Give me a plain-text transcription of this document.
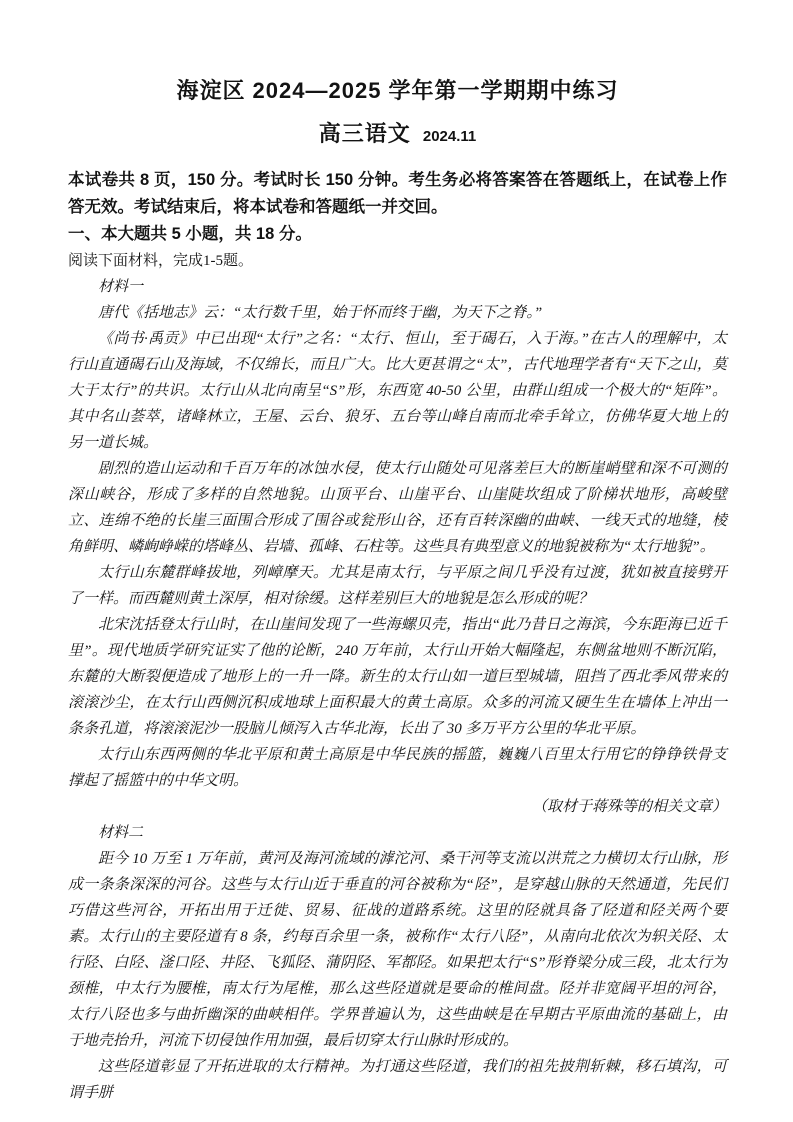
海淀区 2024—2025 学年第一学期期中练习
高三语文 2024.11

本试卷共 8 页，150 分。考试时长 150 分钟。考生务必将答案答在答题纸上，在试卷上作答无效。考试结束后，将本试卷和答题纸一并交回。

一、本大题共 5 小题，共 18 分。

阅读下面材料，完成1-5题。

材料一

唐代《括地志》云：“太行数千里，始于怀而终于幽，为天下之脊。”

《尚书·禹贡》中已出现“太行”之名：“太行、恒山，至于碣石，入于海。”在古人的理解中，太行山直通碣石山及海域，不仅绵长，而且广大。比大更甚谓之“太”，古代地理学者有“天下之山，莫大于太行”的共识。太行山从北向南呈“S”形，东西宽 40-50 公里，由群山组成一个极大的“矩阵”。其中名山荟萃，诸峰林立，王屋、云台、狼牙、五台等山峰自南而北牵手耸立，仿佛华夏大地上的另一道长城。

剧烈的造山运动和千百万年的冰蚀水侵，使太行山随处可见落差巨大的断崖峭壁和深不可测的深山峡谷，形成了多样的自然地貌。山顶平台、山崖平台、山崖陡坎组成了阶梯状地形，高峻壁立、连绵不绝的长崖三面围合形成了围谷或瓮形山谷，还有百转深幽的曲峡、一线天式的地缝，棱角鲜明、嶙峋峥嵘的塔峰丛、岩墙、孤峰、石柱等。这些具有典型意义的地貌被称为“太行地貌”。

太行山东麓群峰拔地，列嶂摩天。尤其是南太行，与平原之间几乎没有过渡，犹如被直接劈开了一样。而西麓则黄土深厚，相对徐缓。这样差别巨大的地貌是怎么形成的呢？

北宋沈括登太行山时，在山崖间发现了一些海螺贝壳，指出“此乃昔日之海滨，今东距海已近千里”。现代地质学研究证实了他的论断，240 万年前，太行山开始大幅隆起，东侧盆地则不断沉陷，东麓的大断裂便造成了地形上的一升一降。新生的太行山如一道巨型城墙，阻挡了西北季风带来的滚滚沙尘，在太行山西侧沉积成地球上面积最大的黄土高原。众多的河流又硬生生在墙体上冲出一条条孔道，将滚滚泥沙一股脑儿倾泻入古华北海，长出了 30 多万平方公里的华北平原。

太行山东西两侧的华北平原和黄土高原是中华民族的摇篮，巍巍八百里太行用它的铮铮铁骨支撑起了摇篮中的中华文明。

（取材于蒋殊等的相关文章）

材料二

距今 10 万至 1 万年前，黄河及海河流域的滹沱河、桑干河等支流以洪荒之力横切太行山脉，形成一条条深深的河谷。这些与太行山近于垂直的河谷被称为“陉”，是穿越山脉的天然通道，先民们巧借这些河谷，开拓出用于迁徙、贸易、征战的道路系统。这里的陉就具备了陉道和陉关两个要素。太行山的主要陉道有 8 条，约每百余里一条，被称作“太行八陉”，从南向北依次为轵关陉、太行陉、白陉、滏口陉、井陉、飞狐陉、蒲阴陉、军都陉。如果把太行“S”形脊梁分成三段，北太行为颈椎，中太行为腰椎，南太行为尾椎，那么这些陉道就是要命的椎间盘。陉并非宽阔平坦的河谷，太行八陉也多与曲折幽深的曲峡相伴。学界普遍认为，这些曲峡是在早期古平原曲流的基础上，由于地壳抬升，河流下切侵蚀作用加强，最后切穿太行山脉时形成的。

这些陉道彰显了开拓进取的太行精神。为打通这些陉道，我们的祖先披荆斩棘，移石填沟，可谓手胼
